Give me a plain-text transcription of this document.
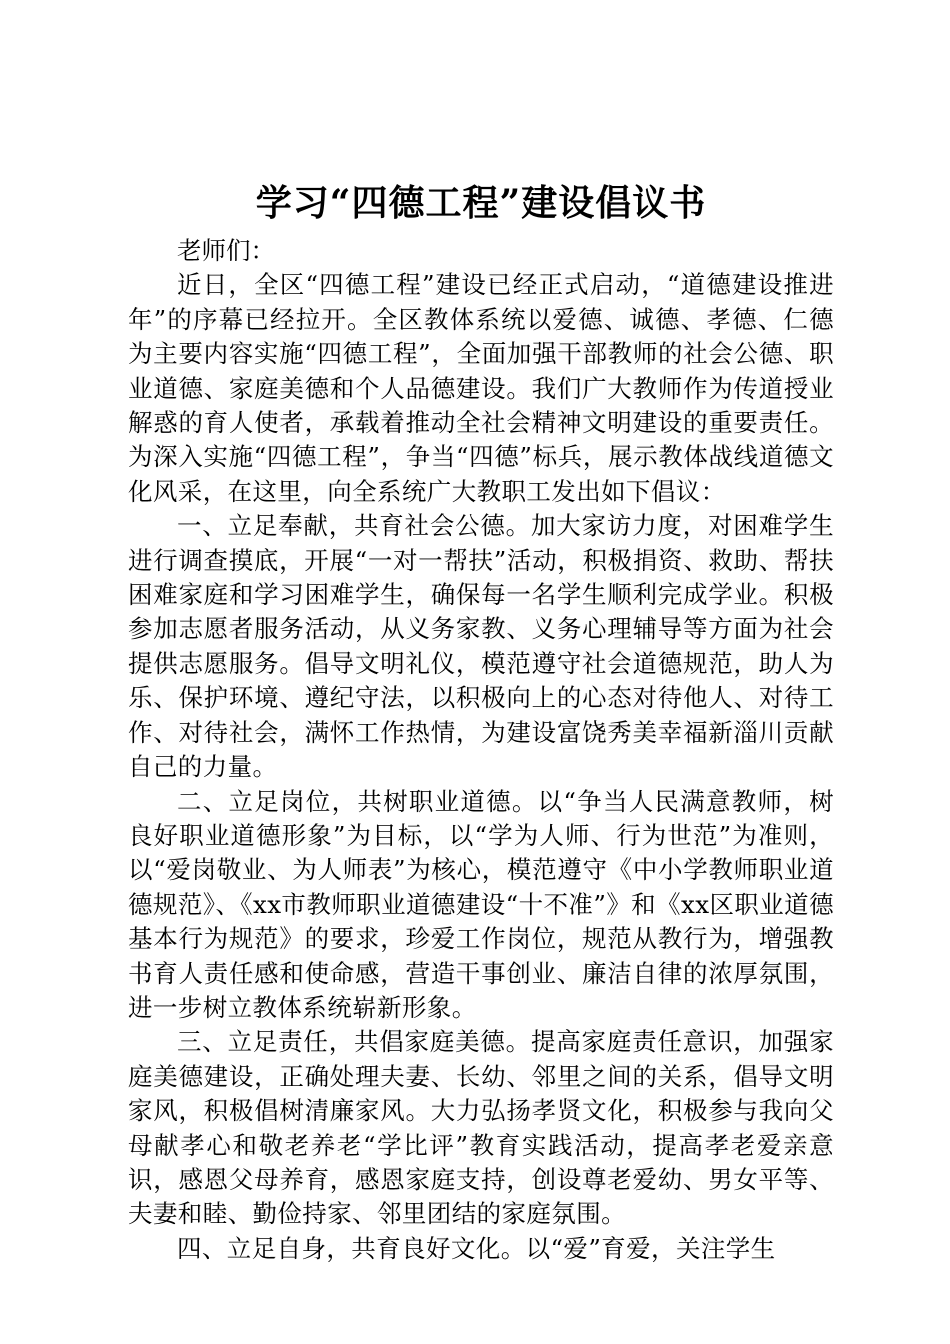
学习“四德工程”建设倡议书

老师们：

近日，全区“四德工程”建设已经正式启动，“道德建设推进年”的序幕已经拉开。全区教体系统以爱德、诚德、孝德、仁德为主要内容实施“四德工程”，全面加强干部教师的社会公德、职业道德、家庭美德和个人品德建设。我们广大教师作为传道授业解惑的育人使者，承载着推动全社会精神文明建设的重要责任。为深入实施“四德工程”，争当“四德”标兵，展示教体战线道德文化风采，在这里，向全系统广大教职工发出如下倡议：

一、立足奉献，共育社会公德。加大家访力度，对困难学生进行调查摸底，开展“一对一帮扶”活动，积极捐资、救助、帮扶困难家庭和学习困难学生，确保每一名学生顺利完成学业。积极参加志愿者服务活动，从义务家教、义务心理辅导等方面为社会提供志愿服务。倡导文明礼仪，模范遵守社会道德规范，助人为乐、保护环境、遵纪守法，以积极向上的心态对待他人、对待工作、对待社会，满怀工作热情，为建设富饶秀美幸福新淄川贡献自己的力量。

二、立足岗位，共树职业道德。以“争当人民满意教师，树良好职业道德形象”为目标，以“学为人师、行为世范”为准则，以“爱岗敬业、为人师表”为核心，模范遵守《中小学教师职业道德规范》、《xx市教师职业道德建设“十不准”》和《xx区职业道德基本行为规范》的要求，珍爱工作岗位，规范从教行为，增强教书育人责任感和使命感，营造干事创业、廉洁自律的浓厚氛围，进一步树立教体系统崭新形象。

三、立足责任，共倡家庭美德。提高家庭责任意识，加强家庭美德建设，正确处理夫妻、长幼、邻里之间的关系，倡导文明家风，积极倡树清廉家风。大力弘扬孝贤文化，积极参与我向父母献孝心和敬老养老“学比评”教育实践活动，提高孝老爱亲意识，感恩父母养育，感恩家庭支持，创设尊老爱幼、男女平等、夫妻和睦、勤俭持家、邻里团结的家庭氛围。

四、立足自身，共育良好文化。以“爱”育爱，关注学生
